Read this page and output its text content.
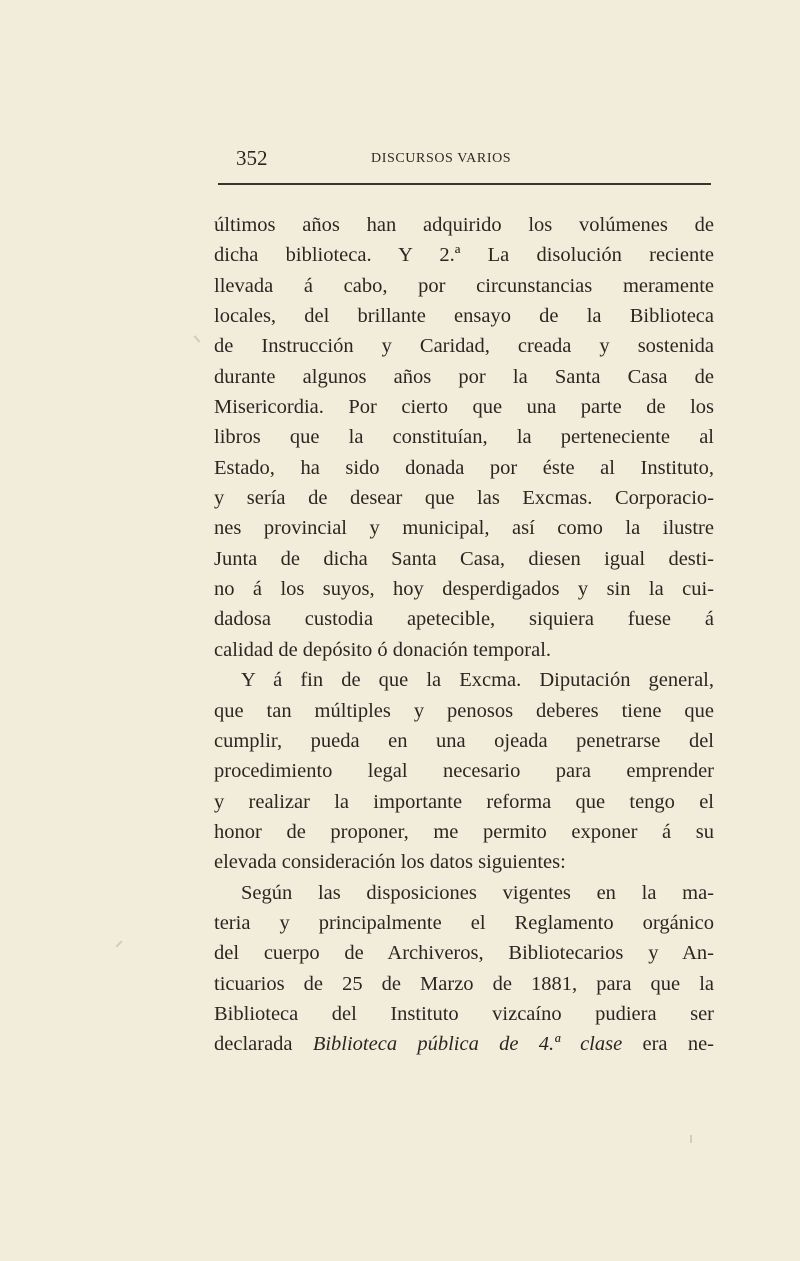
352	DISCURSOS VARIOS
últimos años han adquirido los volúmenes de
dicha biblioteca. Y 2.ª La disolución reciente
llevada á cabo, por circunstancias meramente
locales, del brillante ensayo de la Biblioteca
de Instrucción y Caridad, creada y sostenida
durante algunos años por la Santa Casa de
Misericordia. Por cierto que una parte de los
libros que la constituían, la perteneciente al
Estado, ha sido donada por éste al Instituto,
y sería de desear que las Excmas. Corporacio-
nes provincial y municipal, así como la ilustre
Junta de dicha Santa Casa, diesen igual desti-
no á los suyos, hoy desperdigados y sin la cui-
dadosa custodia apetecible, siquiera fuese á
calidad de depósito ó donación temporal.
Y á fin de que la Excma. Diputación general,
que tan múltiples y penosos deberes tiene que
cumplir, pueda en una ojeada penetrarse del
procedimiento legal necesario para emprender
y realizar la importante reforma que tengo el
honor de proponer, me permito exponer á su
elevada consideración los datos siguientes:
Según las disposiciones vigentes en la ma-
teria y principalmente el Reglamento orgánico
del cuerpo de Archiveros, Bibliotecarios y An-
ticuarios de 25 de Marzo de 1881, para que la
Biblioteca del Instituto vizcaíno pudiera ser
declarada Biblioteca pública de 4.ª clase era ne-
